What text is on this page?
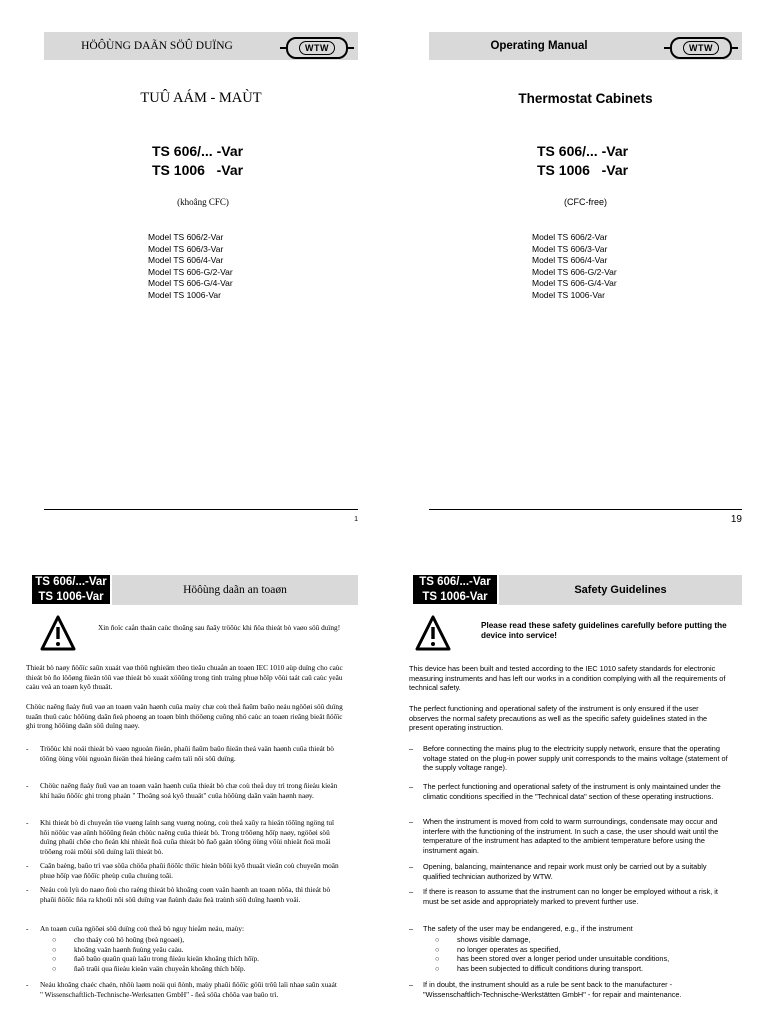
HÖÔÙNG DAÃN SÖÛ DUÏNG	WTW
TUÛ AÁM - MAÙT
TS 606/... -Var
TS 1006   -Var
(khoâng CFC)
Model TS 606/2-Var
Model TS 606/3-Var
Model TS 606/4-Var
Model TS 606-G/2-Var
Model TS 606-G/4-Var
Model TS 1006-Var
1
Operating Manual	WTW
Thermostat Cabinets
TS 606/... -Var
TS 1006   -Var
(CFC-free)
Model TS 606/2-Var
Model TS 606/3-Var
Model TS 606/4-Var
Model TS 606-G/2-Var
Model TS 606-G/4-Var
Model TS 1006-Var
19
TS 606/...-Var
TS 1006-Var
Höôùng daãn an toaøn
Xin ñoïc caån thaän caùc thoâng sau ñaây tröôùc khi ñöa thieát bò vaøo söû duïng!
Thieát bò naøy ñöôïc saûn xuaát vaø thöû nghieäm theo tieâu chuaån an toaøn IEC 1010 aùp duïng cho caùc thieát bò ño löôøng ñieän töû vaø thieát bò xuaát xöôûng trong tình traïng phuø hôïp vôùi taát caû caùc yeâu caàu veà an toaøn kyõ thuaät.
Chöùc naêng ñaày ñuû vaø an toaøn vaän haønh cuûa maùy chæ coù theå ñaûm baûo neáu ngöôøi söû duïng tuaân thuû caùc höôùng daãn ñeà phoøng an toaøn bình thöôøng cuõng nhö caùc an toaøn rieâng bieät ñöôïc ghi trong höôùng daãn söû duïng naøy.
-	Tröôùc khi noái thieát bò vaøo nguoàn ñieän, phaûi ñaûm baûo ñieän theá vaän haønh cuûa thieát bò töông öùng vôùi nguoàn ñieän theá hieäng caém taïi nôi söû duïng.
-	Chöùc naêng ñaày ñuû vaø an toaøn vaän haønh cuûa thieát bò chæ coù theå duy trì trong ñieàu kieän khí haäu ñöôïc ghi trong phaàn " Thoâng soá kyõ thuaät" cuûa höôùng daãn vaän haønh naøy.
-	Khi thieát bò di chuyeån töø vuøng laïnh sang vuøng noùng, coù theå xaûy ra hieän töôïng ngöng tuï hôi nöôùc vaø aûnh höôûng ñeán chöùc naêng cuûa thieát bò. Trong tröôøng hôïp naøy, ngöôøi söû duïng phaûi chôø cho ñeán khi nhieät ñoä cuûa thieát bò ñaõ gaàn töông öùng vôùi nhieät ñoä moâi tröôøng roài môùi söû duïng laïi thieát bò.
-	Caân baèng, baûo trì vaø söûa chöõa phaûi ñöôïc thöïc hieän bôûi kyõ thuaät vieân coù chuyeân moân phuø hôïp vaø ñöôïc pheùp cuûa chuùng toâi.
-	Neáu coù lyù do naøo ñoù cho raèng thieát bò khoâng coøn vaän haønh an toaøn nöõa, thì thieát bò phaûi ñöôïc ñöa ra khoûi nôi söû duïng vaø ñaùnh daáu ñeà traùnh söû duïng haønh voäi.
-	An toaøn cuûa ngöôøi söû duïng coù theå bò nguy hieåm neáu, maùy:
○	cho thaáy coù hö hoûng (beà ngoaøi),
○	khoâng vaän haønh ñuùng yeâu caàu.
○	ñaõ baûo quaûn quaù laâu trong ñieàu kieän khoâng thích hôïp.
○	ñaõ traûi qua ñieàu kieän vaän chuyeån khoâng thích hôïp.
-	Neáu khoâng chaéc chaén, nhôù laøm noäi qui ñònh, maùy phaûi ñöôïc göûi trôû laïi nhaø saûn xuaát " Wissenschaftlich-Technische-Werksatten GmbH" - ñeå söûa chöõa vaø baûo trì.
TS 606/...-Var
TS 1006-Var
Safety Guidelines
Please read these safety guidelines carefully before putting the device into service!
This device has been built and tested according to the IEC 1010 safety standards for electronic measuring instruments and has left our works in a condition complying with all the requirements of technical safety.
The perfect functioning and operational safety of the instrument is only ensured if the user observes the normal safety precautions as well as the specific safety guidelines stated in the present operating instruction.
–	Before connecting the mains plug to the electricity supply network, ensure that the operating voltage stated on the plug-in power supply unit corresponds to the mains voltage (statement of the supply voltage range).
–	The perfect functioning and operational safety of the instrument is only maintained under the climatic conditions specified in the "Technical data" section of these operating instructions.
–	When the instrument is moved from cold to warm surroundings, condensate may occur and interfere with the functioning of the instrument. In such a case, the user should wait until the temperature of the instrument has adapted to the ambient temperature before using the instrument again.
–	Opening, balancing, maintenance and repair work must only be carried out by a suitably qualified technician authorized by WTW.
–	If there is reason to assume that the instrument can no longer be employed without a risk, it must be set aside and appropriately marked to prevent further use.
–	The safety of the user may be endangered, e.g., if the instrument
○	shows visible damage,
○	no longer operates as specified,
○	has been stored over a longer period under unsuitable conditions,
○	has been subjected to difficult conditions during transport.
–	If in doubt, the instrument should as a rule be sent back to the manufacturer - "Wissenschaftlich-Technische-Werkstätten GmbH" - for repair and maintenance.
